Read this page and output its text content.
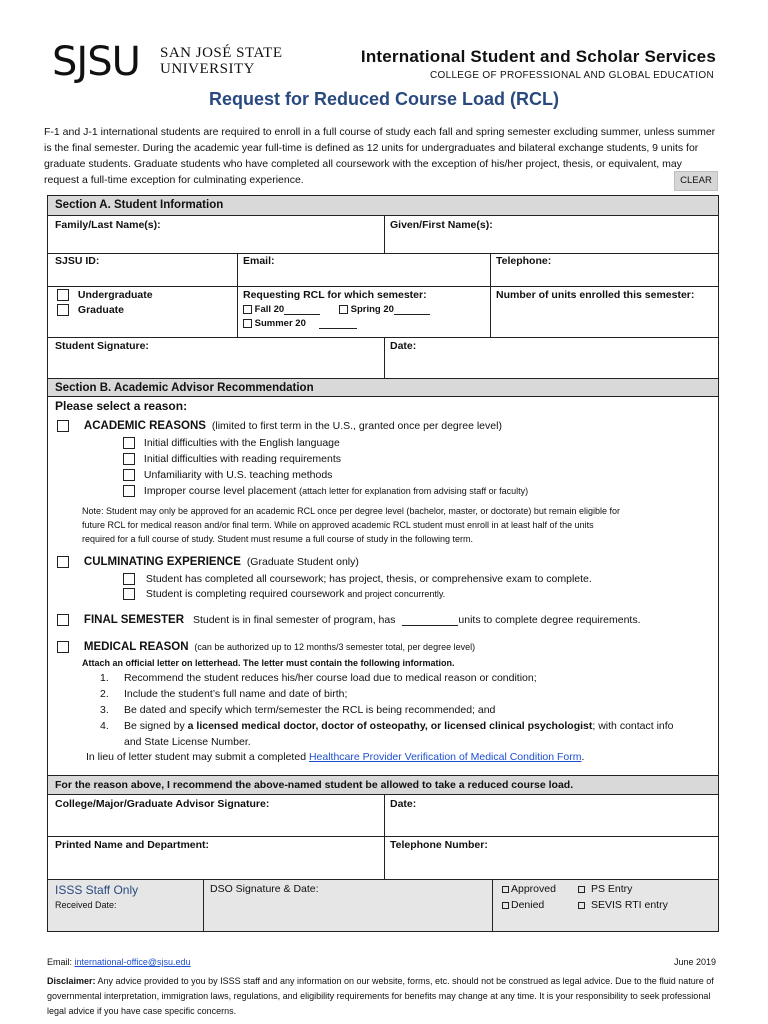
SJSU SAN JOSÉ STATE
UNIVERSITY
International Student and Scholar Services
COLLEGE OF PROFESSIONAL AND GLOBAL EDUCATION
Request for Reduced Course Load (RCL)
F-1 and J-1 international students are required to enroll in a full course of study each fall and spring semester excluding summer, unless summer is the final semester. During the academic year full-time is defined as 12 units for undergraduates and bilateral exchange students, 9 units for graduate students. Graduate students who have completed all coursework with the exception of his/her project, thesis, or equivalent, may request a full-time exception for culminating experience.	CLEAR
Section A. Student Information
Family/Last Name(s):	Given/First Name(s):
SJSU ID:	Email:	Telephone:
Undergraduate
Graduate
Requesting RCL for which semester:
Fall 20	Spring 20
Summer 20
Number of units enrolled this semester:
Student Signature:	Date:
Section B. Academic Advisor Recommendation
Please select a reason:
ACADEMIC REASONS (limited to first term in the U.S., granted once per degree level)
Initial difficulties with the English language
Initial difficulties with reading requirements
Unfamiliarity with U.S. teaching methods
Improper course level placement (attach letter for explanation from advising staff or faculty)
Note: Student may only be approved for an academic RCL once per degree level (bachelor, master, or doctorate) but remain eligible for
future RCL for medical reason and/or final term. While on approved academic RCL student must enroll in at least half of the units
required for a full course of study. Student must resume a full course of study in the following term.
CULMINATING EXPERIENCE (Graduate Student only)
Student has completed all coursework; has project, thesis, or comprehensive exam to complete.
Student is completing required coursework and project concurrently.
FINAL SEMESTER Student is in final semester of program, has	units to complete degree requirements.
MEDICAL REASON (can be authorized up to 12 months/3 semester total, per degree level)
Attach an official letter on letterhead. The letter must contain the following information.
1. Recommend the student reduces his/her course load due to medical reason or condition;
2. Include the student’s full name and date of birth;
3. Be dated and specify which term/semester the RCL is being recommended; and
4. Be signed by a licensed medical doctor, doctor of osteopathy, or licensed clinical psychologist; with contact info
and State License Number.
In lieu of letter student may submit a completed Healthcare Provider Verification of Medical Condition Form.
For the reason above, I recommend the above-named student be allowed to take a reduced course load.
College/Major/Graduate Advisor Signature:	Date:
Printed Name and Department:	Telephone Number:
ISSS Staff Only
Received Date:
DSO Signature & Date:	Approved
Denied
PS Entry
SEVIS RTI entry
Email: international-office@sjsu.edu	June 2019
Disclaimer: Any advice provided to you by ISSS staff and any information on our website, forms, etc. should not be construed as legal advice. Due to the fluid nature of governmental interpretation, immigration laws, regulations, and eligibility requirements for benefits may change at any time. It is your responsibility to seek professional legal advice if you have case specific concerns.
